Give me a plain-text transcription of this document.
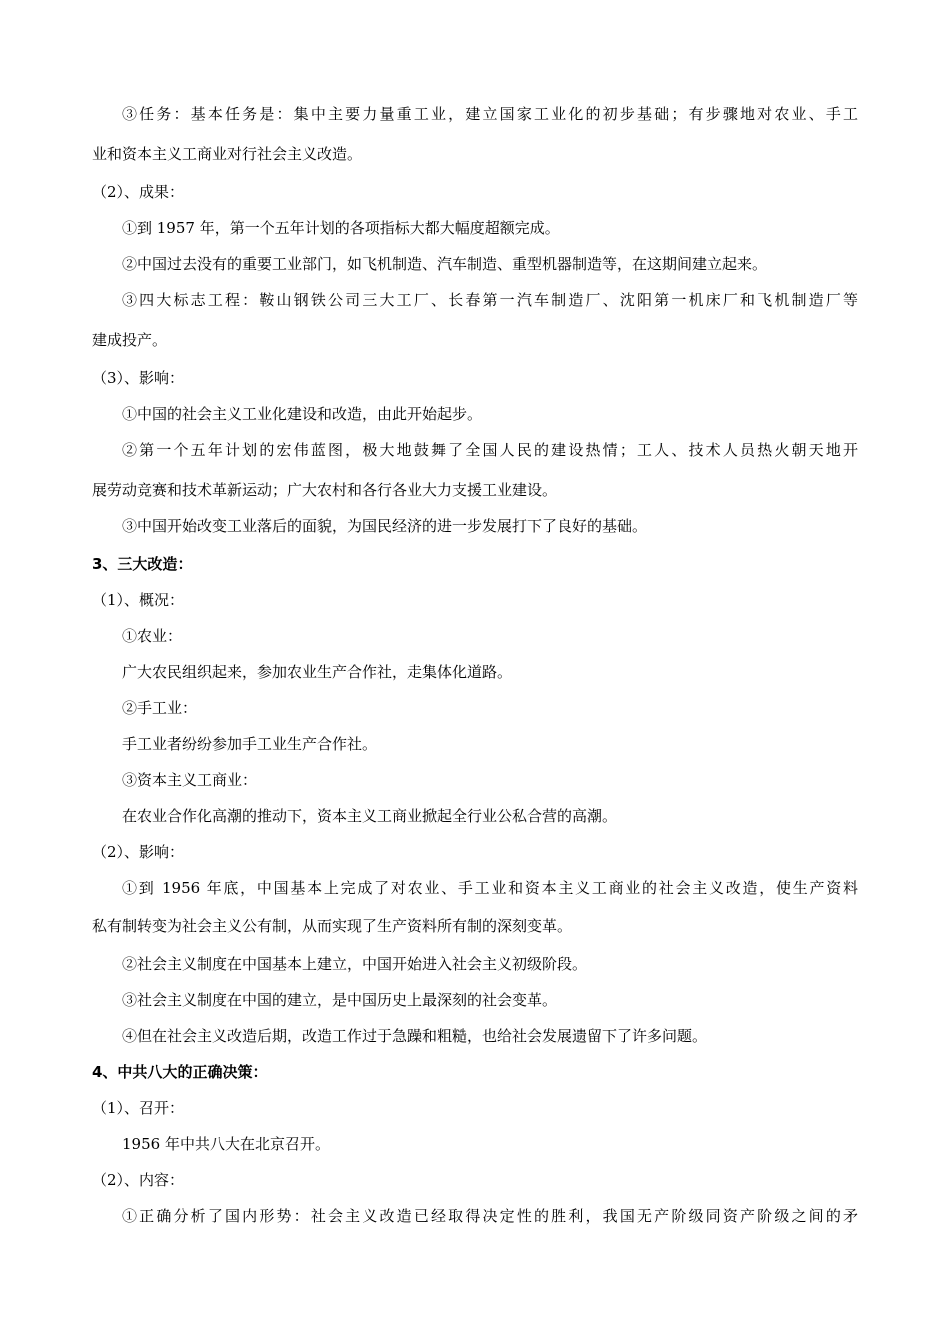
③任务：基本任务是：集中主要力量重工业，建立国家工业化的初步基础；有步骤地对农业、手工
业和资本主义工商业对行社会主义改造。
（2）、成果：
①到 1957 年，第一个五年计划的各项指标大都大幅度超额完成。
②中国过去没有的重要工业部门，如飞机制造、汽车制造、重型机器制造等，在这期间建立起来。
③四大标志工程：鞍山钢铁公司三大工厂、长春第一汽车制造厂、沈阳第一机床厂和飞机制造厂等
建成投产。
（3）、影响：
①中国的社会主义工业化建设和改造，由此开始起步。
②第一个五年计划的宏伟蓝图，极大地鼓舞了全国人民的建设热情；工人、技术人员热火朝天地开
展劳动竞赛和技术革新运动；广大农村和各行各业大力支援工业建设。
③中国开始改变工业落后的面貌，为国民经济的进一步发展打下了良好的基础。
3、三大改造：
（1）、概况：
①农业：
广大农民组织起来，参加农业生产合作社，走集体化道路。
②手工业：
手工业者纷纷参加手工业生产合作社。
③资本主义工商业：
在农业合作化高潮的推动下，资本主义工商业掀起全行业公私合营的高潮。
（2）、影响：
①到 1956 年底，中国基本上完成了对农业、手工业和资本主义工商业的社会主义改造，使生产资料
私有制转变为社会主义公有制，从而实现了生产资料所有制的深刻变革。
②社会主义制度在中国基本上建立，中国开始进入社会主义初级阶段。
③社会主义制度在中国的建立，是中国历史上最深刻的社会变革。
④但在社会主义改造后期，改造工作过于急躁和粗糙，也给社会发展遗留下了许多问题。
4、中共八大的正确决策：
（1）、召开：
1956 年中共八大在北京召开。
（2）、内容：
①正确分析了国内形势：社会主义改造已经取得决定性的胜利，我国无产阶级同资产阶级之间的矛
